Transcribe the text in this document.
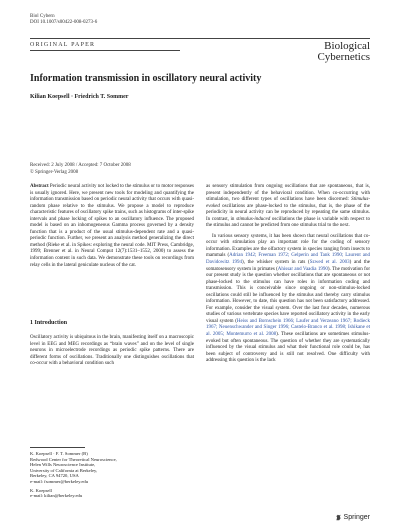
Biol Cybern
DOI 10.1007/s00422-008-0273-6
ORIGINAL PAPER	Biological
Cybernetics
Information transmission in oscillatory neural activity
Kilian Koepsell · Friedrich T. Sommer
Received: 2 July 2008 / Accepted: 7 October 2008
© Springer-Verlag 2008

Abstract Periodic neural activity not locked to the stimulus or to motor responses is usually ignored. Here, we present new tools for modeling and quantifying the information transmission based on periodic neural activity that occurs with quasi-random phase relative to the stimulus. We propose a model to reproduce characteristic features of oscillatory spike trains, such as histograms of inter-spike intervals and phase locking of spikes to an oscillatory influence. The proposed model is based on an inhomogeneous Gamma process governed by a density function that is a product of the usual stimulus-dependent rate and a quasi-periodic function. Further, we present an analysis method generalizing the direct method (Rieke et al. in Spikes: exploring the neural code. MIT Press, Cambridge, 1999; Brenner et al. in Neural Comput 12(7):1531–1552, 2000) to assess the information content in such data. We demonstrate these tools on recordings from relay cells in the lateral geniculate nucleus of the cat.

1 Introduction

Oscillatory activity is ubiquitous in the brain, manifesting itself on a macroscopic level in EEG and MEG recordings as “brain waves” and on the level of single neurons in microelectrode recordings as periodic spike patterns. There are different forms of oscillations. Traditionally one distinguishes oscillations that co-occur with a behavioral condition such

K. Koepsell · F. T. Sommer (B)
Redwood Center for Theoretical Neuroscience,
Helen Wills Neuroscience Institute,
University of California at Berkeley,
Berkeley, CA 94720, USA
e-mail: fsommer@berkeley.edu
K. Koepsell
e-mail: kilian@berkeley.edu

as sensory stimulation from ongoing oscillations that are spontaneous, that is, present independently of the behavioral condition. When co-occurring with stimulation, two different types of oscillations have been discerned: Stimulus-evoked oscillations are phase-locked to the stimulus, that is, the phase of the periodicity in neural activity can be reproduced by repeating the same stimulus. In contrast, in stimulus-induced oscillations the phase is variable with respect to the stimulus and cannot be predicted from one stimulus trial to the next.

In various sensory systems, it has been shown that neural oscillations that co-occur with stimulation play an important role for the coding of sensory information. Examples are the olfactory system in species ranging from insects to mammals (Adrian 1942; Freeman 1972; Gelperin and Tank 1990; Laurent and Davidowitz 1994), the whisker system in rats (Szwed et al. 2003) and the somatosensory system in primates (Ahissar and Vaadia 1990). The motivation for our present study is the question whether oscillations that are spontaneous or not phase-locked to the stimulus can have roles in information coding and transmission. This is conceivable since ongoing or non-stimulus-locked oscillations could still be influenced by the stimulus and thereby carry stimulus information. However, to date, this question has not been satisfactory addressed. For example, consider the visual system. Over the last four decades, numerous studies of various vertebrate species have reported oscillatory activity in the early visual system (Heiss and Bornschein 1966; Laufer and Verzeano 1967; Rodieck 1967; Neuenschwander and Singer 1996; Castelo-Branco et al. 1998; Ishikane et al. 2005; Montemurro et al. 2008). These oscillations are sometimes stimulus-evoked but often spontaneous. The question of whether they are systematically influenced by the visual stimulus and what their functional role could be, has been subject of controversy and is still not resolved. One difficulty with addressing this question is the lack

Springer
